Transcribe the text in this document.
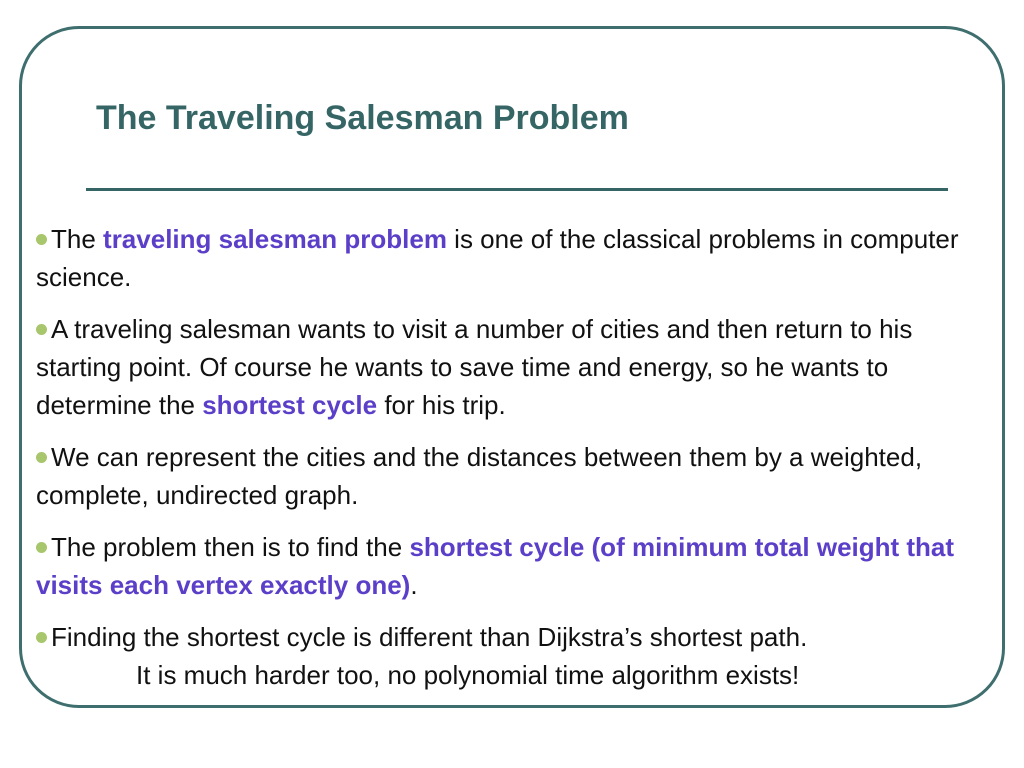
The Traveling Salesman Problem

The traveling salesman problem is one of the classical problems in computer science.

A traveling salesman wants to visit a number of cities and then return to his starting point. Of course he wants to save time and energy, so he wants to determine the shortest cycle for his trip.

We can represent the cities and the distances between them by a weighted, complete, undirected graph.

The problem then is to find the shortest cycle (of minimum total weight that visits each vertex exactly one).

Finding the shortest cycle is different than Dijkstra’s shortest path.
It is much harder too, no polynomial time algorithm exists!
